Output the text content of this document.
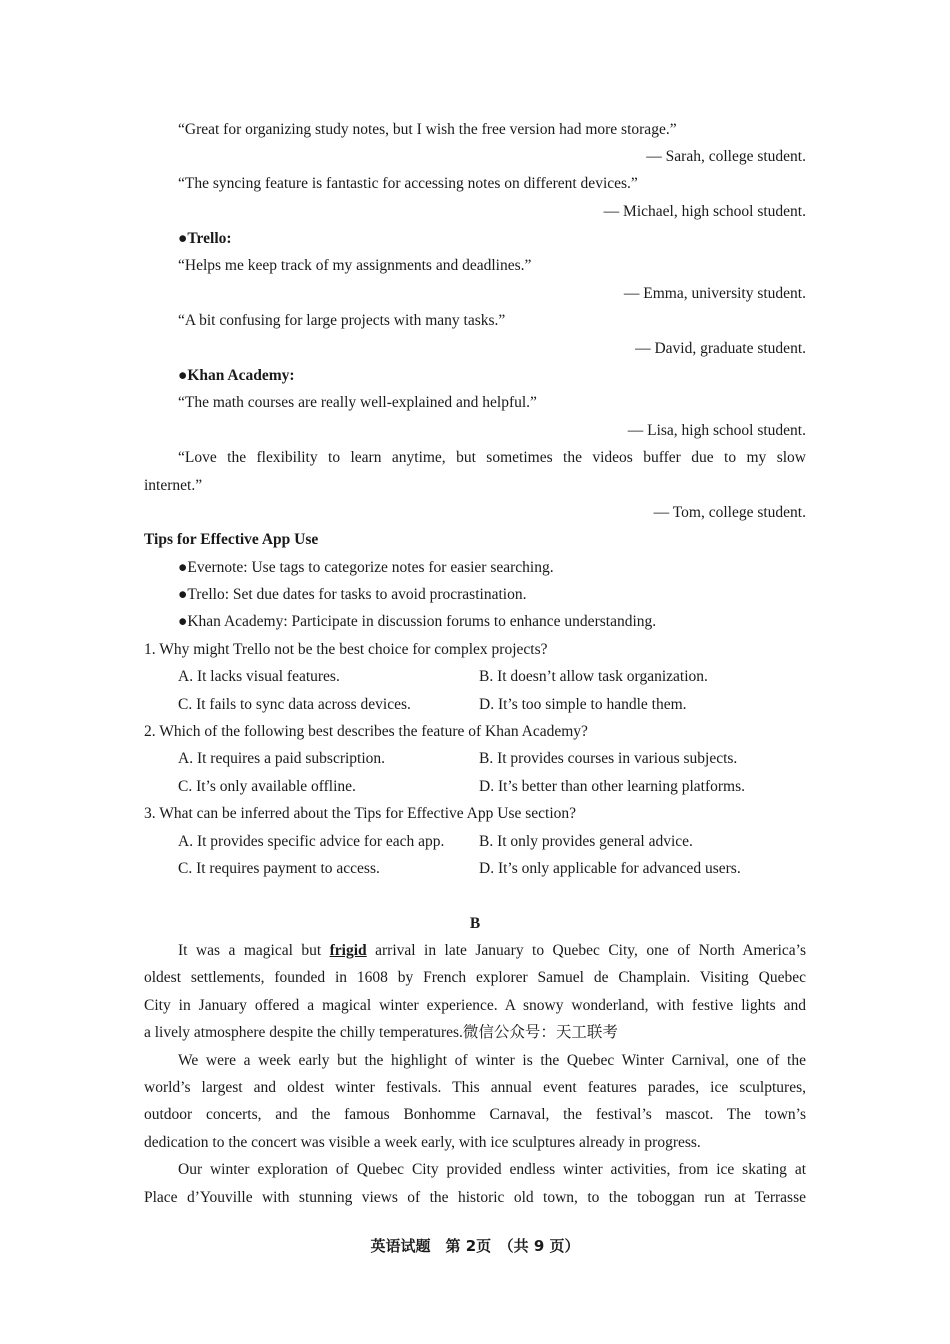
“Great for organizing study notes, but I wish the free version had more storage.”
— Sarah, college student.
“The syncing feature is fantastic for accessing notes on different devices.”
— Michael, high school student.
●Trello:
“Helps me keep track of my assignments and deadlines.”
— Emma, university student.
“A bit confusing for large projects with many tasks.”
— David, graduate student.
●Khan Academy:
“The math courses are really well-explained and helpful.”
— Lisa, high school student.
“Love the flexibility to learn anytime, but sometimes the videos buffer due to my slow
internet.”
— Tom, college student.
Tips for Effective App Use
●Evernote: Use tags to categorize notes for easier searching.
●Trello: Set due dates for tasks to avoid procrastination.
●Khan Academy: Participate in discussion forums to enhance understanding.
1. Why might Trello not be the best choice for complex projects?
A. It lacks visual features.	B. It doesn’t allow task organization.
C. It fails to sync data across devices.	D. It’s too simple to handle them.
2. Which of the following best describes the feature of Khan Academy?
A. It requires a paid subscription.	B. It provides courses in various subjects.
C. It’s only available offline.	D. It’s better than other learning platforms.
3. What can be inferred about the Tips for Effective App Use section?
A. It provides specific advice for each app. B. It only provides general advice.
C. It requires payment to access.	D. It’s only applicable for advanced users.
B
It was a magical but frigid arrival in late January to Quebec City, one of North America’s
oldest settlements, founded in 1608 by French explorer Samuel de Champlain. Visiting Quebec
City in January offered a magical winter experience. A snowy wonderland, with festive lights and
a lively atmosphere despite the chilly temperatures.微信公众号：天工联考
We were a week early but the highlight of winter is the Quebec Winter Carnival, one of the
world’s largest and oldest winter festivals. This annual event features parades, ice sculptures,
outdoor concerts, and the famous Bonhomme Carnaval, the festival’s mascot. The town’s
dedication to the concert was visible a week early, with ice sculptures already in progress.
Our winter exploration of Quebec City provided endless winter activities, from ice skating at
Place d’Youville with stunning views of the historic old town, to the toboggan run at Terrasse
英语试题　第 2页　（共 9 页）
